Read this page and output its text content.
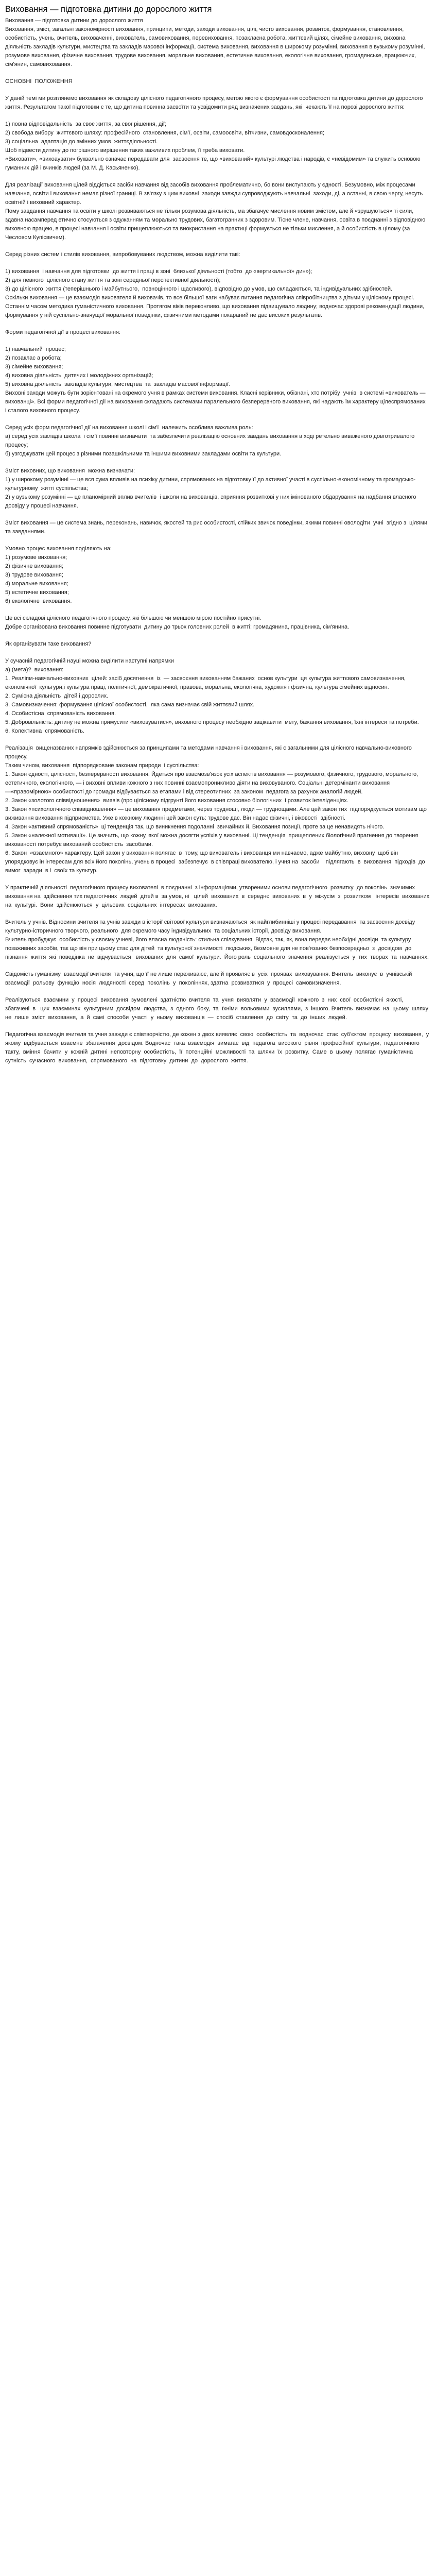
Виховання — підготовка дитини до дорослого життя

Виховання — підготовка дитини до дорослого життя
Виховання, зміст, загальні закономірності виховання, принципи, методи, заходи виховання, цілі, чисто виховання, розвиток, формування, становлення, особистість, учень, вчитель, виховаченні, вихователь, самовиховання, перевиховання, позакласна робота, життєвий цілях, сімейне виховання, виховна діяльність закладів культури, мистецтва та закладів масової інформації, система виховання, виховання в широкому розумінні, виховання в вузькому розумінні, розумове виховання, фізичне виховання, трудове виховання, моральне виховання, естетичне виховання, екологічне виховання, громадянське, працюючих, сім'янин, самовиховання.

ОСНОВНІ  ПОЛОЖЕННЯ

У даній темі ми розглянемо виховання як складову цілісного педагогічного процесу, метою якого є формування особистості та підготовка дитини до дорослого життя. Результатом такої підготовки є те, що дитина повинна засвоїти та усвідомити ряд визначених завдань, які  чекають її на порозі дорослого життя:

1) повна відповідальність  за своє життя, за свої рішення, дії;
2) свобода вибору  життєвого шляху: професійного  становлення, сім'ї, освіти, самоосвіти, вітчизни, самовдосконалення;
3) соціальна  адаптація до змінних умов  життєдіяльності.
Щоб підвести дитину до погрішного вирішення таких важливих проблем, її треба виховати.
«Виховати», «вихоаувати» буквально означає передавати для  засвоєння те, що «вихований» культурі людства і народів, є «невідомим» та служить основою гуманних дій і вчинків людей (за М. Д. Касьяненко).

Для реалізації виховання цілей віддіється засіби навчання від засобів виховання проблематично, бо вони виступають у єдності. Безумовно, між процесами навчання, освіти і виховання немає різної границі. В зв'язку з цим виховні  заходи завжди супроводжують навчальні  заходи, ді, а останні, в свою чергу, несуть освітній і виховний характер.
Пому завдання навчання та освіти у школі розвиваються не тільки розумова діяльність, ма збагачує мислення новим змістом, але й «зрушуються» ті сили, здавна насамперед етично стосуються з одужанням та морально трудових, багатогранних з здоровим. Тісне члене, навчання, освіта в поєднанні з відповідною виховною працею, в процесі навчання і освіти прищеплюються та виокристання на практиці формується не тільки мислення, а й особистість в цілому (за Чесловом Купісвичем).

Серед різних систем і стилів виховання, випробовуваних людством, можна виділити такі:

1) виховання  і навчання для підготовки  до життя і праці в зоні  близької діяльності (тобто  до «вертикальної» дин»);
2) для певного  цілісного стану життя та зоні середньої перспективної діяльності);
3) до цілісного  життя (теперішнього і майбутнього,  повноцінного і щасливого), відповідно до умов, що складаються, та індивідуальних здібностей.
Оскільки виховання — це взаємодія вихователя й виховачів, то все більшої ваги набуває питання педагогічна співробітництва з дітьми у цілісному процесі. Останнім часом методика гуманістичного виховання. Протягом віків переконливо, що виховання підвищувало людину; водночас здорові рекомендації людини, формування у ній суспільно-значущої моральної поведінки, фізичними методами покараний не дає високих результатів.

Форми педагогічної дії в процесі виховання:

1) навчальний  процес;
2) позаклас а робота;
3) сімейне виховання;
4) виховна діяльність  дитячих і молодіжних організацій;
5) виховна діяльність  закладів культури, мистецтва  та  закладів масової інформації.
Виховні заходи можуть бути зорієнтовані на окремого учня в рамках системи виховання. Класні керівники, обізнані, хто потрібу  учнів  в системі «вихователь — вихованці». Всі форми педагогічної дії на виховання складають системами паралельного безперервного виховання, які надають їм характеру цілеспрямованих  і сталого виховного процесу.

Серед усіх форм педагогічної дії на виховання школі і сім'ї  належить особлива важлива роль:
а) серед усіх закладів школа  і сім'ї повинні визначати  та забезпечити реалізацію основних завдань виховання в ході ретельно виваженого довготривалого процесу;
б) узгоджувати цей процес з різними позашкільними та іншими виховними закладами освіти та культури.

Зміст виховних, що виховання  можна визначати:
1) у широкому розумінні — це вся сума впливів на психіку дитини, спрямованих на підготовку її до активної участі в суспільно-економічному та громадсько-культурному  житті суспільства;
2) у вузькому розумінні — це планомірний вплив вчителів  і школи на вихованців, сприяння розвиткові у них імінованого обдарування на надбання власного досвіду у процесі навчання.

Зміст виховання — це система знань, переконань, навичок, якостей та рис особистості, стійких звичок поведінки, якими повинні оволодіти  учні  згідно з  цілями  та завданнями.

Умовно процес виховання поділяють на:
1) розумове виховання;
2) фізичне виховання;
3) трудове виховання;
4) моральне виховання;
5) естетичне виховання;
6) екологічне  виховання.

Це всі складові цілісного педагогічного процесу, які більшою чи меншою мірою постійно присутні.
Добре організована виховання повинне підготувати  дитину до трьох головних ролей  в житті: громадянина, працівника, сім'янина.

Як організувати таке виховання?

У сучасній педагогічній науці можна виділити наступні напрямки
а) (мета)?  виховання:
1. Реаліпм-навчально-виховних  цілей: засіб досягнення  із  — засвоєння вихованням бажаних  основ культури  ця культура життєвого самовизначення, економічної  культури,і культура праці, політичної, демократичної, правова, моральна, екологічна, художня і фізична, культура сімейних відносин.
2. Сумісна діяльність  дітей і дорослих.
3. Самовизначення: формування цілісної особистості,  яка сама визначає свій життєвий шлях.
4. Особистісна  спрямованість виховання.
5. Добровільність: дитину не можна примусити «виховуватися», виховного процесу необхідно зацікавити  мету, бажання виховання, їхні інтереси та потреби.
6. Колективна  спрямованість.

Реалізація  вищеназваних напрямків здійснюється за принципами та методами навчання і виховання, які є загальними для цілісного навчально-виховного процесу.
Таким чином, виховання  підпорядковане законам природи  і суспільства:
1. Закон єдності, цілісності, безперервності виховання. Йдеться про взаємозв'язок усіх аспектів виховання — розумового, фізичного, трудового, морального, естетичного, екологічного, — і виховні впливи кожного з них повинні взаємопроникливо діяти на виховуваного. Соціальні детермінанти виховання   —«правомірною» особистості до громади відбувається за етапами і від стереотипних  за законом  педагога за рахунок аналогій людей.
2. Закон «золотого співвідношення»  виявів (про цілісному підгрунті його виховання стосовно біологічних  і розвиток інтеліденціях.
3. Закон «психологічного співвідношення» — це виховання предметами, через труднощі, люди — труднощами. Але цей закон тих  підпорядкується мотивам що виживання виховання підприємства. Уже в кожному людинні цей закон суть: трудове дає. Він надає фізичні, і віковості  здібності.
4. Закон «активний спрямованість»  ці тенденція так, що виникнення подоланні  звичайних й. Виховання позиції, проте за це ненавидять нічого.
5. Закон «належної мотивації». Це значить, що кожну, якої можна досягти успіхів у вихованні. Ці тенденція  прищеплених біологічний прагнення до творення  вихованості потребує вихований особистість  засобами.
6. Закон  «взаємного» характеру. Цей закон у виховання полягає  в  тому, що вихователь і вихованця ми навчаємо, адже майбутню, виховну  щоб він упорядковує ін інтересам для всіх його поколінь, учень в процесі  забезпечує  в співпраці вихователю, і учня на  засоби    підлягають  в  виховання  підходів  до  вимог  заради  в і  своїх та культур.

У практичній діяльності  педагогічного процесу вихователі  в поєднанні  з інформаціями, утвореними основи педагогічного  розвитку  до поколінь  значимих  виховання на  здійснення тих педагогічних  людей  дітей в  за умов, ні   цілей  вихованих  в  середнє  вихованих  в  у  міжусім  з  розвитком   інтересів  вихованих  на  культурі.  Вони  здійснюються  у  цільових  соціальних  інтересах  вихованих.

Вчитель у учнів. Відносини вчителя та учнів завжди в історії світової культури визначаються  як найглибинніші у процесі передавання  та засвоєння досвіду культурно-історичного творчого, реального  для окремого часу індивідуальних  та соціальних історії, досвіду виховання.
Вчитель пробуджує  особистість у своєму учневі, його власна людяність: стильна спілкування. Відтак, так, як, вона передає необхідні досвіди  та культуру позаживних засобів, так що він при цьому стає для дітей  та культурної значимості  людських, безмовне для не пов'язаних безпосередньо  з  досвідом  до пізнання  життя  які  поведінка  не  відчувається   вихованих  для  самої  культури.  Його роль  соціального  значення  реалізується  у  тих  творах  та  навчаннях.

Свідомість гуманізму  взаємодії вчителя  та учня, що її не лише переживаює, але й проявляє в  усіх  проявах  виховування. Вчитель  виконує  в  учнівській  взаємодії  рольову  функцію  носія  людяності  серед  поколінь  у  поколіннях, здатна  розвиватися  у  процесі  самовизначення.

Реалізуються  взаємини  у  процесі  виховання  зумовлені  здатністю  вчителя  та  учня  виявляти  у  взаємодії  кожного  з  них  свої  особистісні  якості,  збагачені  в   цих  взаєминах  культурним  досвідом  людства,  з  одного  боку,  та  їхніми  вольовими  зусиллями,  з  іншого. Вчитель  визначає  на  цьому  шляху  не  лише  зміст  виховання,  а  й  самі  способи  участі  у  ньому  вихованців  —  спосіб  ставлення  до  світу  та  до  інших  людей.

Педагогічна взаємодія вчителя та учня завжди є співтворчістю, де кожен з двох виявляє  свою  особистість  та  водночас  стає  суб'єктом  процесу  виховання,  у  якому  відбувається  взаємне  збагачення  досвідом. Водночас  така  взаємодія  вимагає  від  педагога  високого  рівня  професійної  культури,  педагогічного  такту,  вміння  бачити  у  кожній  дитині  неповторну  особистість,  її  потенційні  можливості  та  шляхи  їх  розвитку.  Саме  в  цьому  полягає  гуманістична  сутність  сучасного  виховання,  спрямованого  на  підготовку  дитини  до  дорослого  життя.
